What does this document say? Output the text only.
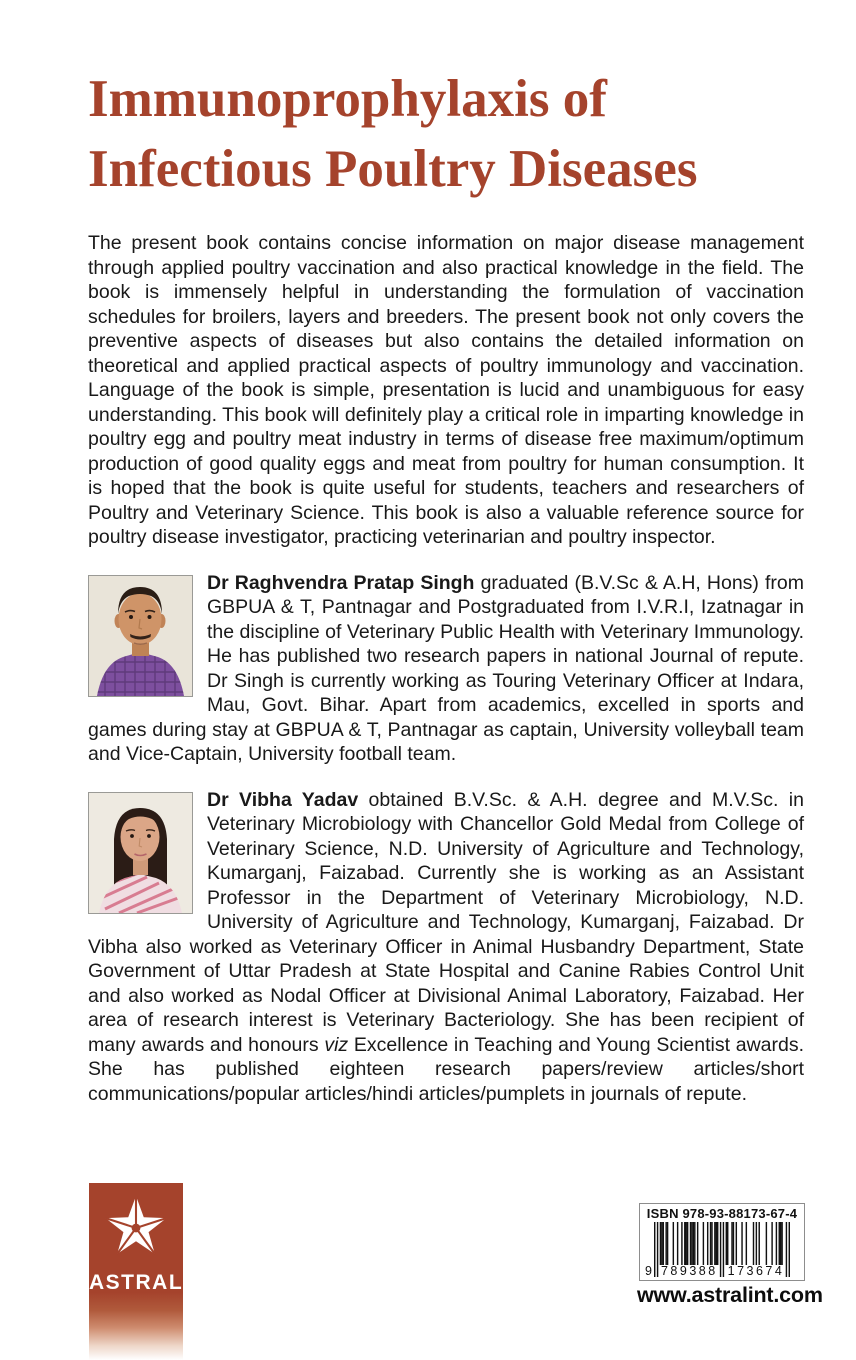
Immunoprophylaxis of
Infectious Poultry Diseases

The present book contains concise information on major disease management through applied poultry vaccination and also practical knowledge in the field. The book is immensely helpful in understanding the formulation of vaccination schedules for broilers, layers and breeders. The present book not only covers the preventive aspects of diseases but also contains the detailed information on theoretical and applied practical aspects of poultry immunology and vaccination. Language of the book is simple, presentation is lucid and unambiguous for easy understanding. This book will definitely play a critical role in imparting knowledge in poultry egg and poultry meat industry in terms of disease free maximum/optimum production of good quality eggs and meat from poultry for human consumption. It is hoped that the book is quite useful for students, teachers and researchers of Poultry and Veterinary Science. This book is also a valuable reference source for poultry disease investigator, practicing veterinarian and poultry inspector.

Dr Raghvendra Pratap Singh graduated (B.V.Sc & A.H, Hons) from GBPUA & T, Pantnagar and Postgraduated from I.V.R.I, Izatnagar in the discipline of Veterinary Public Health with Veterinary Immunology. He has published two research papers in national Journal of repute. Dr Singh is currently working as Touring Veterinary Officer at Indara, Mau, Govt. Bihar. Apart from academics, excelled in sports and games during stay at GBPUA & T, Pantnagar as captain, University volleyball team and Vice-Captain, University football team.

Dr Vibha Yadav obtained B.V.Sc. & A.H. degree and M.V.Sc. in Veterinary Microbiology with Chancellor Gold Medal from College of Veterinary Science, N.D. University of Agriculture and Technology, Kumarganj, Faizabad. Currently she is working as an Assistant Professor in the Department of Veterinary Microbiology, N.D. University of Agriculture and Technology, Kumarganj, Faizabad. Dr Vibha also worked as Veterinary Officer in Animal Husbandry Department, State Government of Uttar Pradesh at State Hospital and Canine Rabies Control Unit and also worked as Nodal Officer at Divisional Animal Laboratory, Faizabad. Her area of research interest is Veterinary Bacteriology. She has been recipient of many awards and honours viz Excellence in Teaching and Young Scientist awards. She has published eighteen research papers/review articles/short communications/popular articles/hindi articles/pumplets in journals of repute.

ASTRAL
ISBN 978-93-88173-67-4
9 789388 173674
www.astralint.com
